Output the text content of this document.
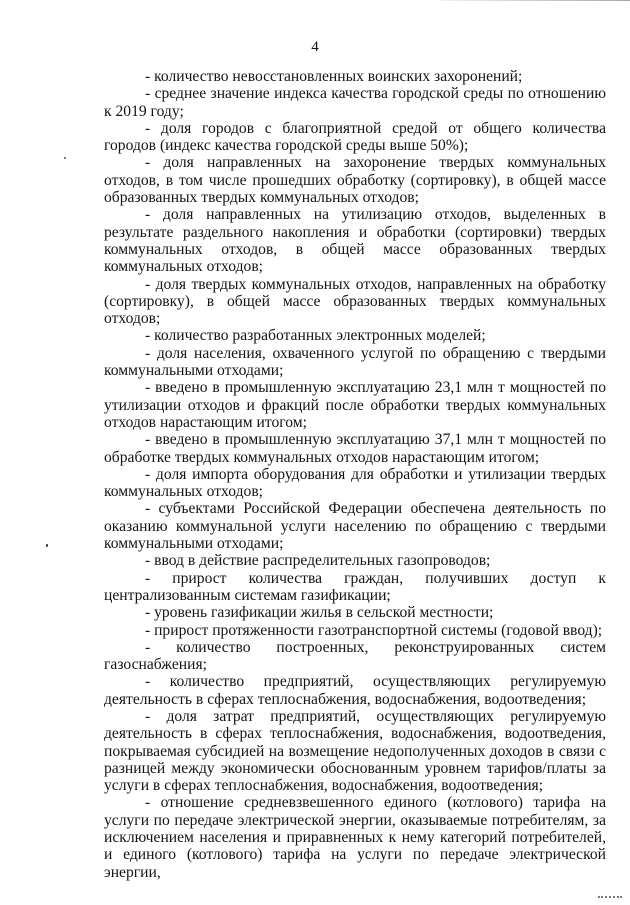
4

- количество невосстановленных воинских захоронений;

- среднее значение индекса качества городской среды по отношению к 2019 году;

- доля городов с благоприятной средой от общего количества городов (индекс качества городской среды выше 50%);

- доля направленных на захоронение твердых коммунальных отходов, в том числе прошедших обработку (сортировку), в общей массе образованных твердых коммунальных отходов;

- доля направленных на утилизацию отходов, выделенных в результате раздельного накопления и обработки (сортировки) твердых коммунальных отходов, в общей массе образованных твердых коммунальных отходов;

- доля твердых коммунальных отходов, направленных на обработку (сортировку), в общей массе образованных твердых коммунальных отходов;

- количество разработанных электронных моделей;

- доля населения, охваченного услугой по обращению с твердыми коммунальными отходами;

- введено в промышленную эксплуатацию 23,1 млн т мощностей по утилизации отходов и фракций после обработки твердых коммунальных отходов нарастающим итогом;

- введено в промышленную эксплуатацию 37,1 млн т мощностей по обработке твердых коммунальных отходов нарастающим итогом;

- доля импорта оборудования для обработки и утилизации твердых коммунальных отходов;

- субъектами Российской Федерации обеспечена деятельность по оказанию коммунальной услуги населению по обращению с твердыми коммунальными отходами;

- ввод в действие распределительных газопроводов;

- прирост количества граждан, получивших доступ к централизованным системам газификации;

- уровень газификации жилья в сельской местности;

- прирост протяженности газотранспортной системы (годовой ввод);

- количество построенных, реконструированных систем газоснабжения;

- количество предприятий, осуществляющих регулируемую деятельность в сферах теплоснабжения, водоснабжения, водоотведения;

- доля затрат предприятий, осуществляющих регулируемую деятельность в сферах теплоснабжения, водоснабжения, водоотведения, покрываемая субсидией на возмещение недополученных доходов в связи с разницей между экономически обоснованным уровнем тарифов/платы за услуги в сферах теплоснабжения, водоснабжения, водоотведения;

- отношение средневзвешенного единого (котлового) тарифа на услуги по передаче электрической энергии, оказываемые потребителям, за исключением населения и приравненных к нему категорий потребителей, и единого (котлового) тарифа на услуги по передаче электрической энергии,
